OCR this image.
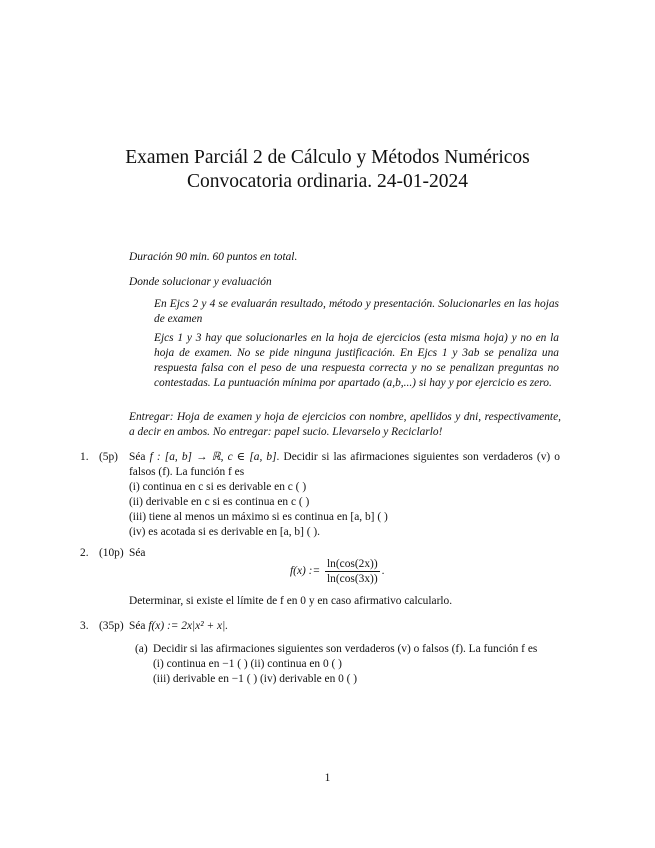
Examen Parciál 2 de Cálculo y Métodos Numéricos
Convocatoria ordinaria. 24-01-2024

Duración 90 min. 60 puntos en total.

Donde solucionar y evaluación

En Ejcs 2 y 4 se evaluarán resultado, método y presentación. Solucionarles en las hojas de examen

Ejcs 1 y 3 hay que solucionarles en la hoja de ejercicios (esta misma hoja) y no en la hoja de examen. No se pide ninguna justificación. En Ejcs 1 y 3ab se penaliza una respuesta falsa con el peso de una respuesta correcta y no se penalizan preguntas no contestadas. La puntuación mínima por apartado (a,b,...) si hay y por ejercicio es zero.

Entregar: Hoja de examen y hoja de ejercicios con nombre, apellidos y dni, respectivamente, a decir en ambos. No entregar: papel sucio. Llevarselo y Reciclarlo!

1. (5p) Séa f : [a, b] → ℝ, c ∈ [a, b]. Decidir si las afirmaciones siguientes son verdaderos (v) o falsos (f). La función f es
(i) continua en c si es derivable en c ( )
(ii) derivable en c si es continua en c ( )
(iii) tiene al menos un máximo si es continua en [a, b] ( )
(iv) es acotada si es derivable en [a, b] ( ).
2. (10p) Séa
f(x) := $\frac{\ln(\cos(2x))}{\ln(\cos(3x))}$ .
Determinar, si existe el límite de f en 0 y en caso afirmativo calcularlo.
3. (35p) Séa f(x) := 2x|x² + x|.
(a) Decidir si las afirmaciones siguientes son verdaderos (v) o falsos (f). La función f es
(i) continua en −1 ( ) (ii) continua en 0 ( )
(iii) derivable en −1 ( ) (iv) derivable en 0 ( )
1
